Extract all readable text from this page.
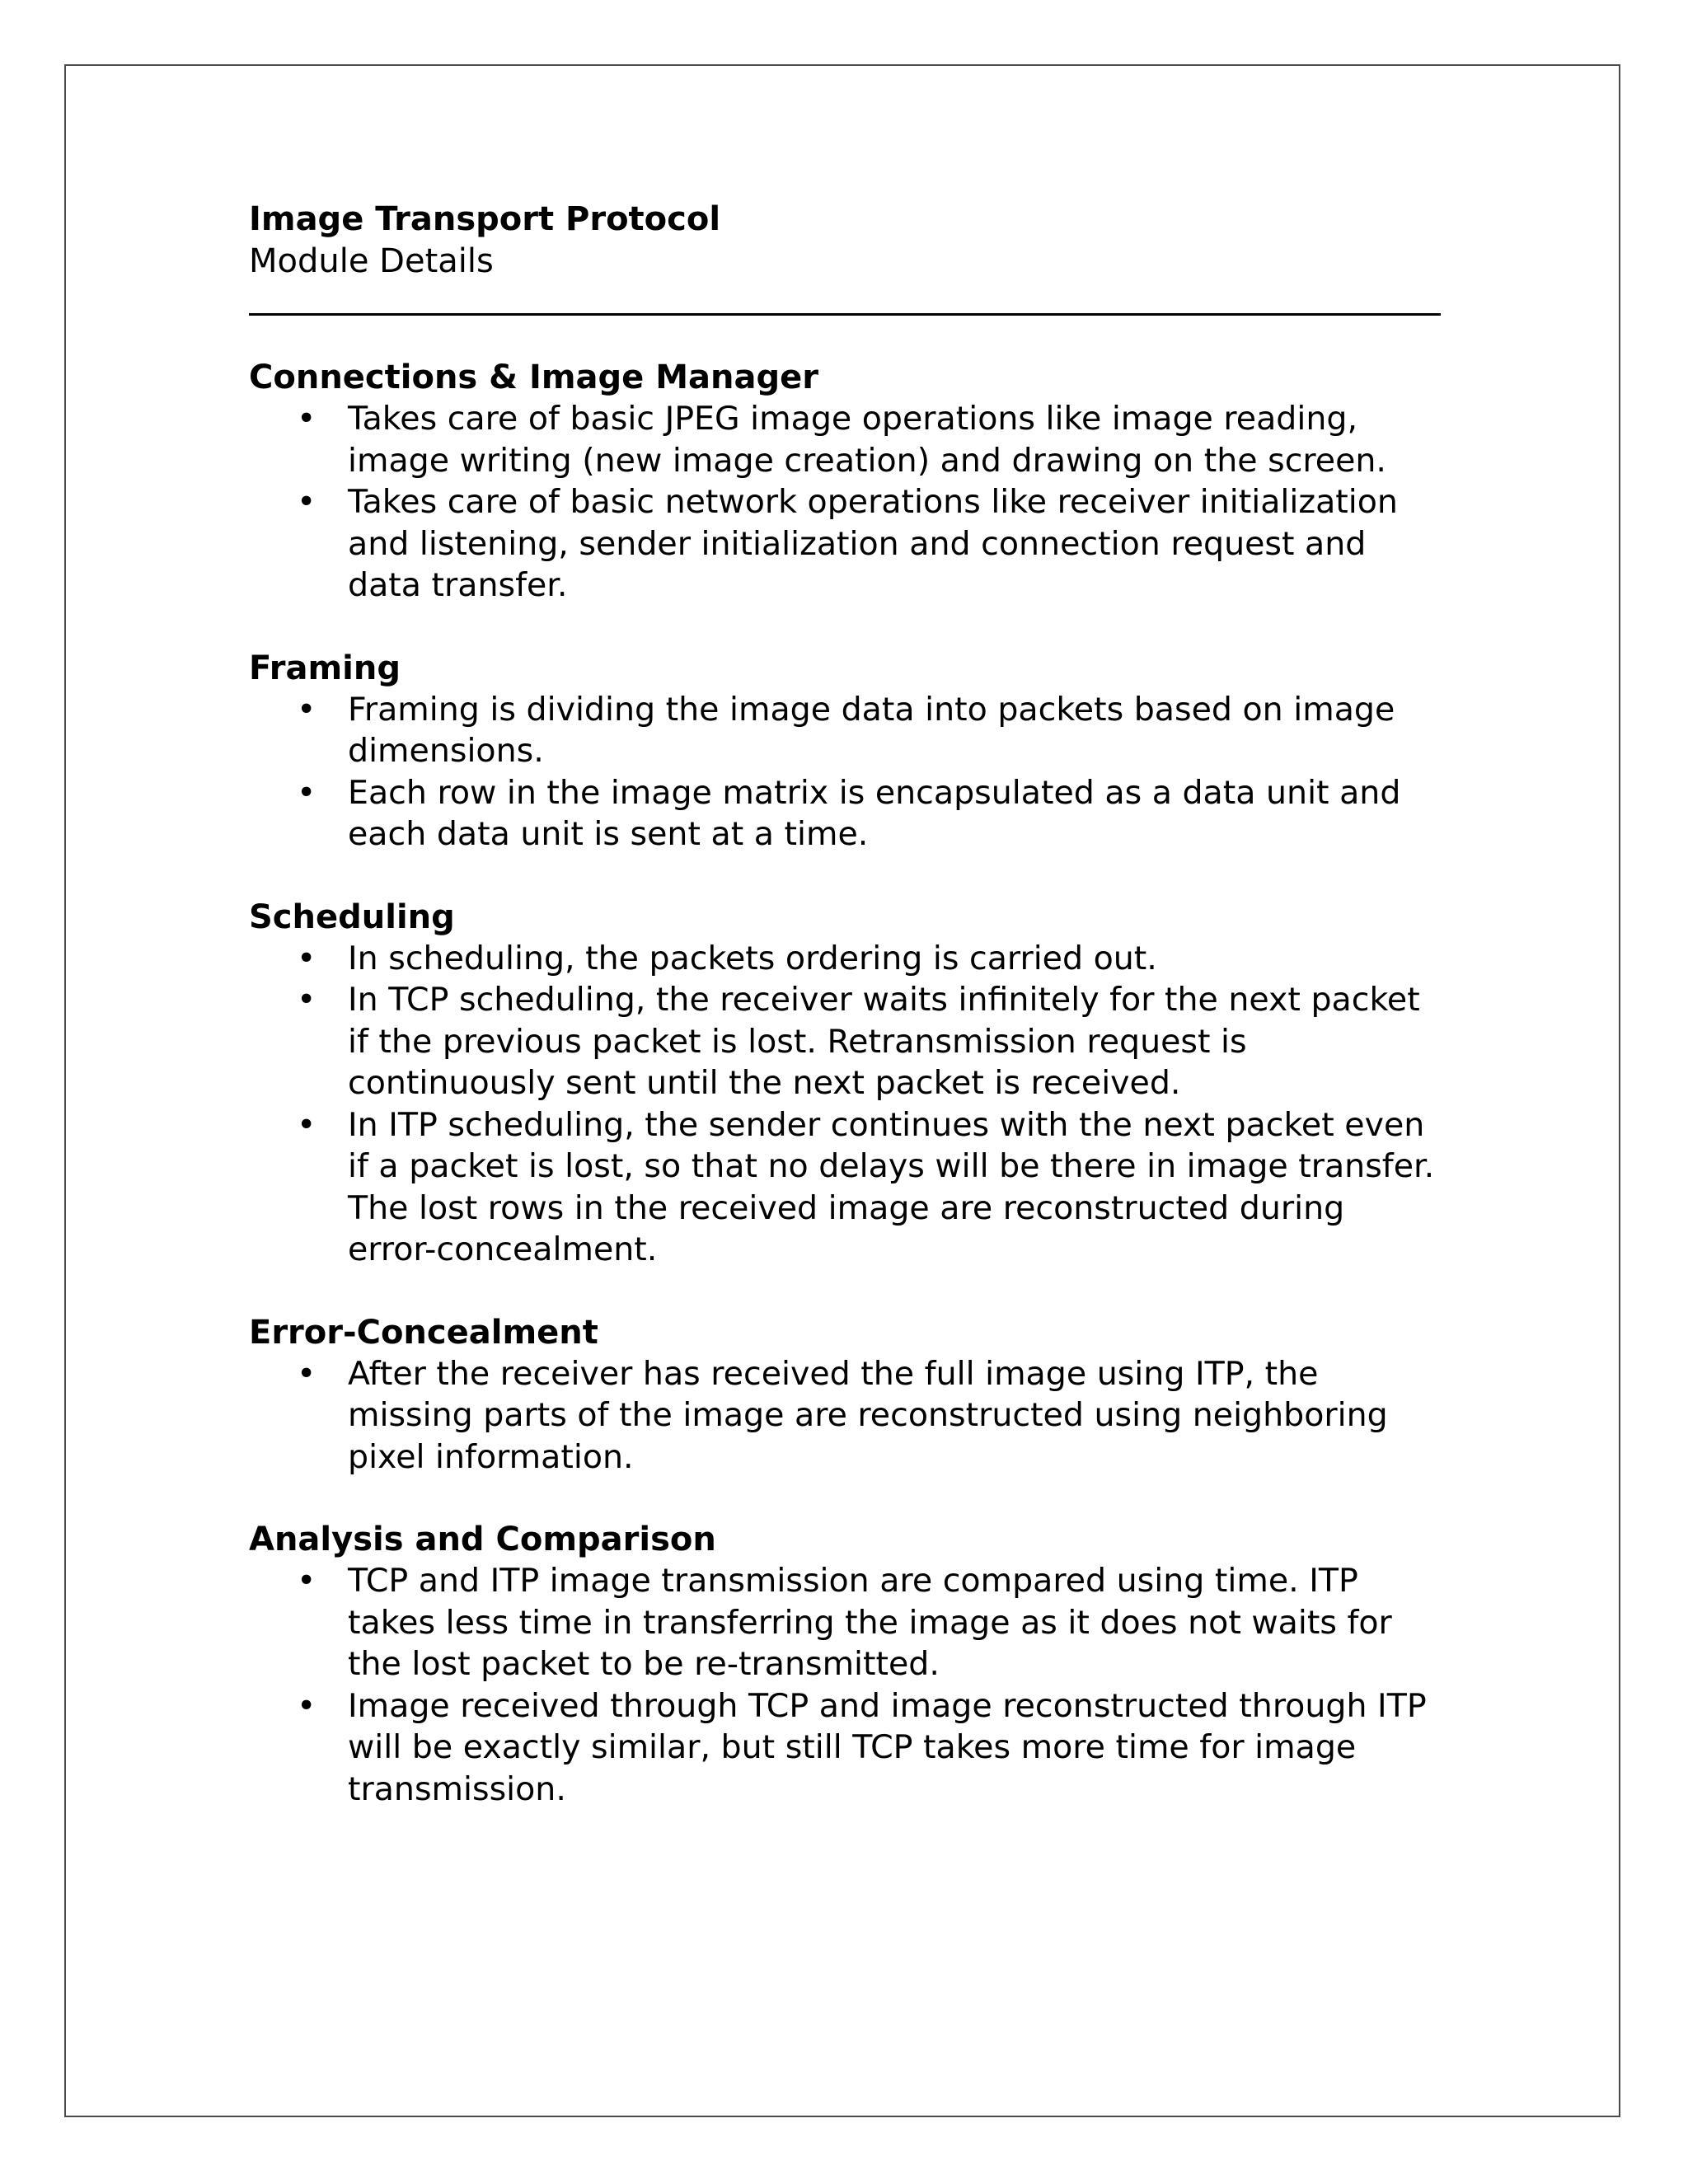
Image Transport Protocol

Module Details

Connections & Image Manager
• Takes care of basic JPEG image operations like image reading, image writing (new image creation) and drawing on the screen.
• Takes care of basic network operations like receiver initialization and listening, sender initialization and connection request and data transfer.
Framing
• Framing is dividing the image data into packets based on image dimensions.
• Each row in the image matrix is encapsulated as a data unit and each data unit is sent at a time.
Scheduling
• In scheduling, the packets ordering is carried out.
• In TCP scheduling, the receiver waits infinitely for the next packet if the previous packet is lost. Retransmission request is continuously sent until the next packet is received.
• In ITP scheduling, the sender continues with the next packet even if a packet is lost, so that no delays will be there in image transfer. The lost rows in the received image are reconstructed during error-concealment.
Error-Concealment
• After the receiver has received the full image using ITP, the missing parts of the image are reconstructed using neighboring pixel information.
Analysis and Comparison
• TCP and ITP image transmission are compared using time. ITP takes less time in transferring the image as it does not waits for the lost packet to be re-transmitted.
• Image received through TCP and image reconstructed through ITP will be exactly similar, but still TCP takes more time for image transmission.
